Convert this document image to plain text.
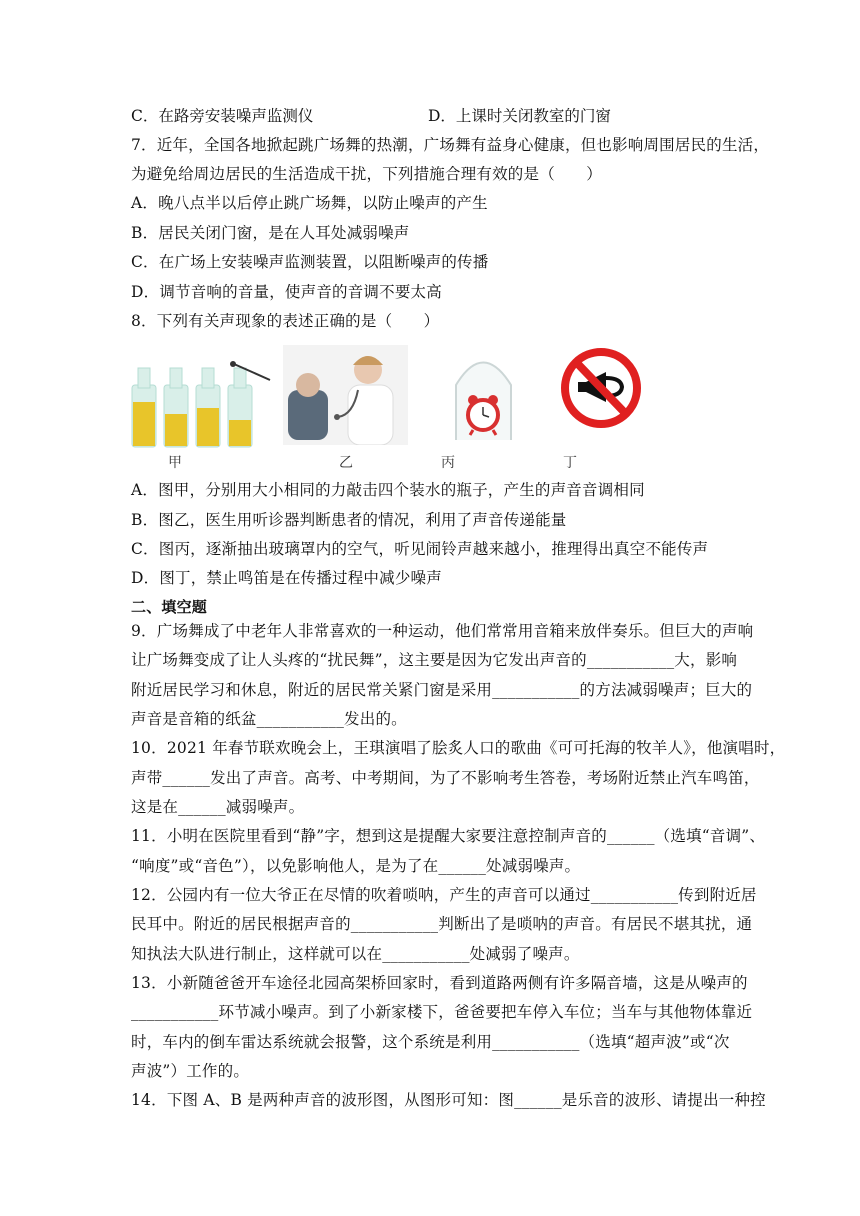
C．在路旁安装噪声监测仪	D．上课时关闭教室的门窗
7．近年，全国各地掀起跳广场舞的热潮，广场舞有益身心健康，但也影响周围居民的生活，
为避免给周边居民的生活造成干扰，下列措施合理有效的是（　　）
A．晚八点半以后停止跳广场舞，以防止噪声的产生
B．居民关闭门窗，是在人耳处减弱噪声
C．在广场上安装噪声监测装置，以阻断噪声的传播
D．调节音响的音量，使声音的音调不要太高
8．下列有关声现象的表述正确的是（　　）
甲	乙	丙	丁
A．图甲，分别用大小相同的力敲击四个装水的瓶子，产生的声音音调相同
B．图乙，医生用听诊器判断患者的情况，利用了声音传递能量
C．图丙，逐渐抽出玻璃罩内的空气，听见闹铃声越来越小，推理得出真空不能传声
D．图丁，禁止鸣笛是在传播过程中减少噪声
二、填空题
9．广场舞成了中老年人非常喜欢的一种运动，他们常常用音箱来放伴奏乐。但巨大的声响
让广场舞变成了让人头疼的“扰民舞”，这主要是因为它发出声音的___________大，影响
附近居民学习和休息，附近的居民常关紧门窗是采用___________的方法减弱噪声；巨大的
声音是音箱的纸盆___________发出的。
10．2021 年春节联欢晚会上，王琪演唱了脍炙人口的歌曲《可可托海的牧羊人》，他演唱时，
声带______发出了声音。高考、中考期间，为了不影响考生答卷，考场附近禁止汽车鸣笛，
这是在______减弱噪声。
11．小明在医院里看到“静”字，想到这是提醒大家要注意控制声音的______（选填“音调”、
“响度”或“音色”），以免影响他人，是为了在______处减弱噪声。
12．公园内有一位大爷正在尽情的吹着唢呐，产生的声音可以通过___________传到附近居
民耳中。附近的居民根据声音的___________判断出了是唢呐的声音。有居民不堪其扰，通
知执法大队进行制止，这样就可以在___________处减弱了噪声。
13．小新随爸爸开车途径北园高架桥回家时，看到道路两侧有许多隔音墙，这是从噪声的
___________环节减小噪声。到了小新家楼下，爸爸要把车停入车位；当车与其他物体靠近
时，车内的倒车雷达系统就会报警，这个系统是利用___________（选填“超声波”或“次
声波”）工作的。
14．下图 A、B 是两种声音的波形图，从图形可知：图______是乐音的波形、请提出一种控
